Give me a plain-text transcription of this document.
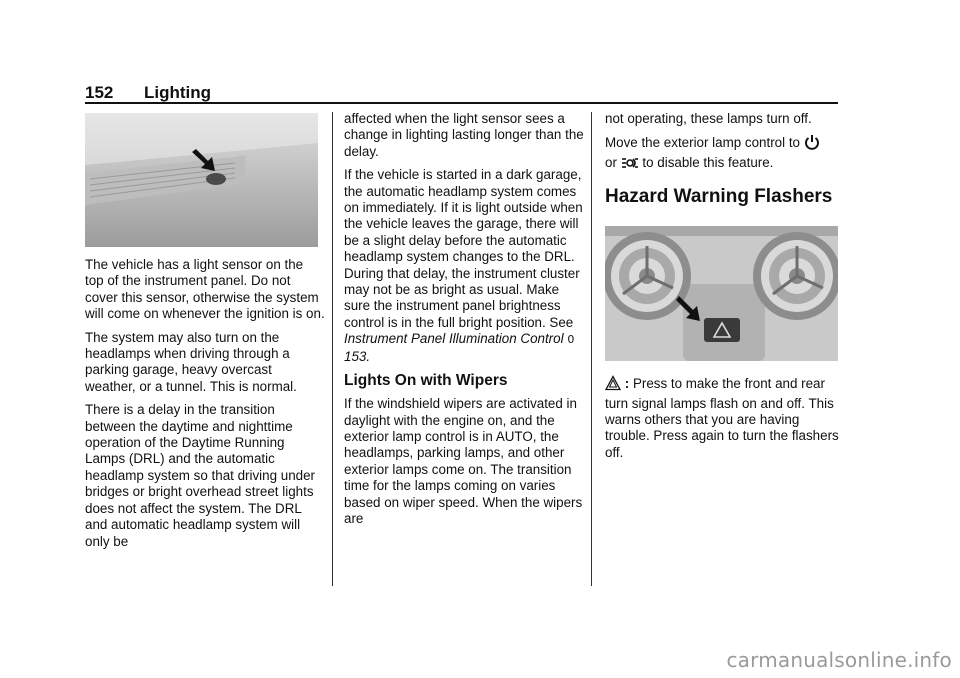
152 Lighting

The vehicle has a light sensor on the top of the instrument panel. Do not cover this sensor, otherwise the system will come on whenever the ignition is on.

The system may also turn on the headlamps when driving through a parking garage, heavy overcast weather, or a tunnel. This is normal.

There is a delay in the transition between the daytime and nighttime operation of the Daytime Running Lamps (DRL) and the automatic headlamp system so that driving under bridges or bright overhead street lights does not affect the system. The DRL and automatic headlamp system will only be

affected when the light sensor sees a change in lighting lasting longer than the delay.

If the vehicle is started in a dark garage, the automatic headlamp system comes on immediately. If it is light outside when the vehicle leaves the garage, there will be a slight delay before the automatic headlamp system changes to the DRL. During that delay, the instrument cluster may not be as bright as usual. Make sure the instrument panel brightness control is in the full bright position. See Instrument Panel Illumination Control 0 153.

Lights On with Wipers

If the windshield wipers are activated in daylight with the engine on, and the exterior lamp control is in AUTO, the headlamps, parking lamps, and other exterior lamps come on. The transition time for the lamps coming on varies based on wiper speed. When the wipers are

not operating, these lamps turn off.

Move the exterior lamp control to
or to disable this feature.

Hazard Warning Flashers

: Press to make the front and rear turn signal lamps flash on and off. This warns others that you are having trouble. Press again to turn the flashers off.

carmanualsonline.info
